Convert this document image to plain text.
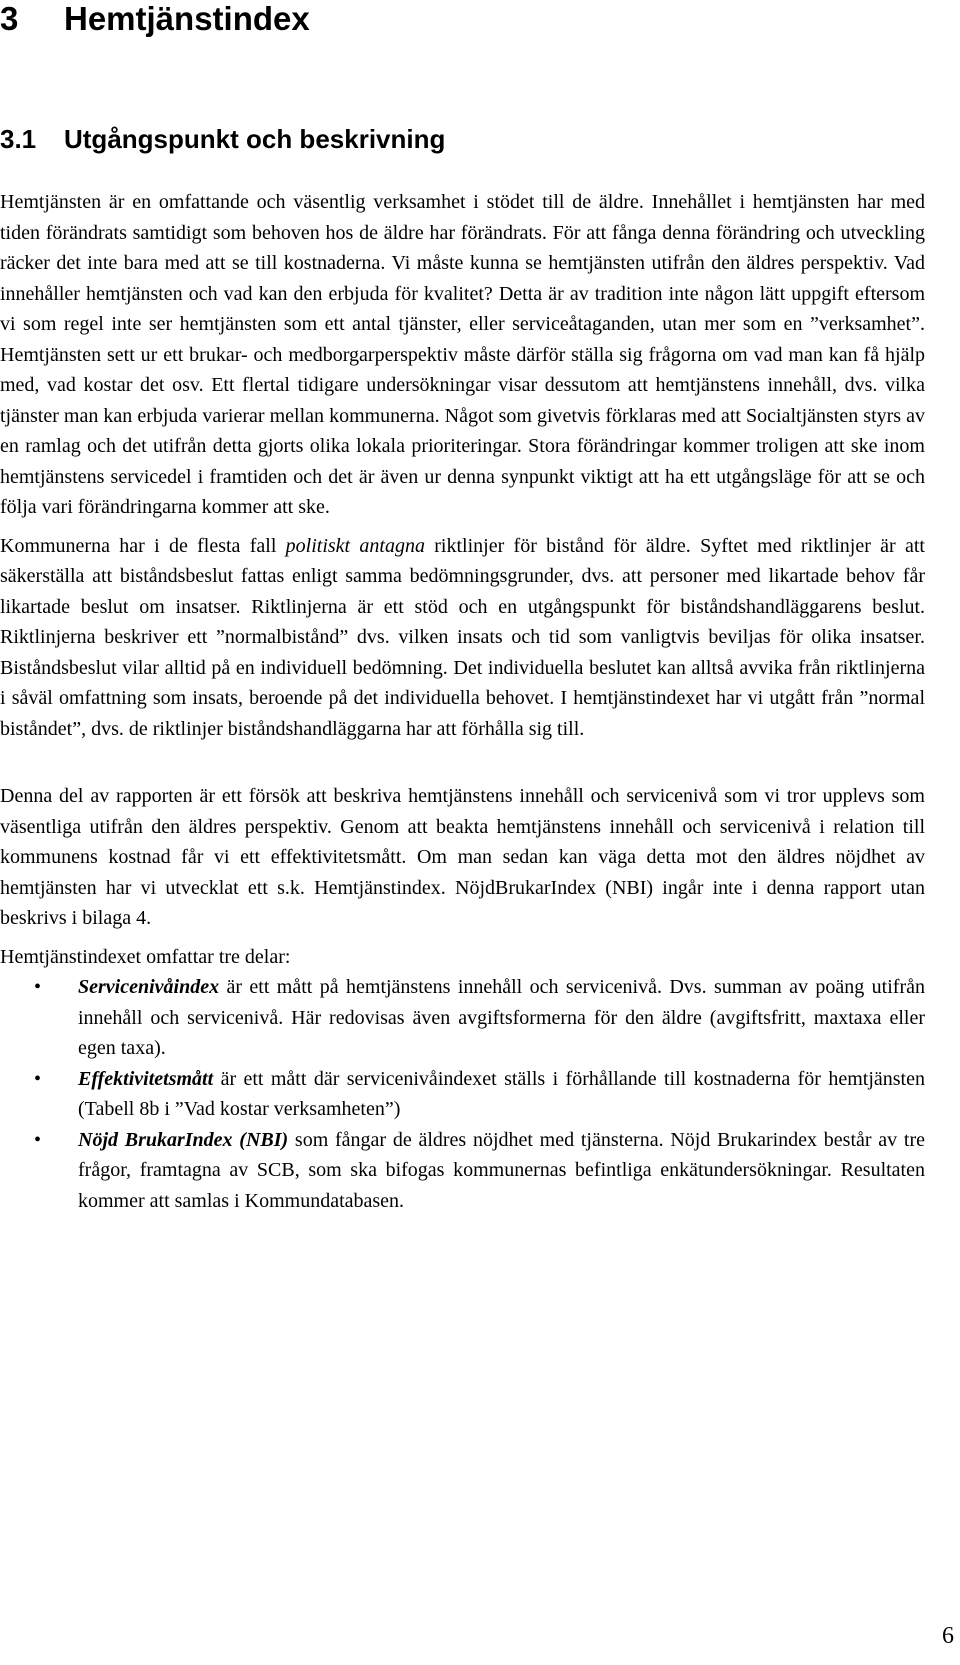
3 Hemtjänstindex
3.1 Utgångspunkt och beskrivning

Hemtjänsten är en omfattande och väsentlig verksamhet i stödet till de äldre. Innehållet i hemtjänsten har med tiden förändrats samtidigt som behoven hos de äldre har förändrats. För att fånga denna förändring och utveckling räcker det inte bara med att se till kostnaderna. Vi måste kunna se hemtjänsten utifrån den äldres perspektiv. Vad innehåller hemtjänsten och vad kan den erbjuda för kvalitet? Detta är av tradition inte någon lätt uppgift eftersom vi som regel inte ser hemtjänsten som ett antal tjänster, eller serviceåtaganden, utan mer som en ”verksamhet”. Hemtjänsten sett ur ett brukar- och medborgarperspektiv måste därför ställa sig frågorna om vad man kan få hjälp med, vad kostar det osv. Ett flertal tidigare undersökningar visar dessutom att hemtjänstens innehåll, dvs. vilka tjänster man kan erbjuda varierar mellan kommunerna. Något som givetvis förklaras med att Socialtjänsten styrs av en ramlag och det utifrån detta gjorts olika lokala prioriteringar. Stora förändringar kommer troligen att ske inom hemtjänstens servicedel i framtiden och det är även ur denna synpunkt viktigt att ha ett utgångsläge för att se och följa vari förändringarna kommer att ske.

Kommunerna har i de flesta fall politiskt antagna riktlinjer för bistånd för äldre. Syftet med riktlinjer är att säkerställa att biståndsbeslut fattas enligt samma bedömningsgrunder, dvs. att personer med likartade behov får likartade beslut om insatser. Riktlinjerna är ett stöd och en utgångspunkt för biståndshandläggarens beslut. Riktlinjerna beskriver ett ”normalbistånd” dvs. vilken insats och tid som vanligtvis beviljas för olika insatser. Biståndsbeslut vilar alltid på en individuell bedömning. Det individuella beslutet kan alltså avvika från riktlinjerna i såväl omfattning som insats, beroende på det individuella behovet. I hemtjänstindexet har vi utgått från ”normal biståndet”, dvs. de riktlinjer biståndshandläggarna har att förhålla sig till.

Denna del av rapporten är ett försök att beskriva hemtjänstens innehåll och servicenivå som vi tror upplevs som väsentliga utifrån den äldres perspektiv. Genom att beakta hemtjänstens innehåll och servicenivå i relation till kommunens kostnad får vi ett effektivitetsmått. Om man sedan kan väga detta mot den äldres nöjdhet av hemtjänsten har vi utvecklat ett s.k. Hemtjänstindex. NöjdBrukarIndex (NBI) ingår inte i denna rapport utan beskrivs i bilaga 4.

Hemtjänstindexet omfattar tre delar:

• Servicenivåindex är ett mått på hemtjänstens innehåll och servicenivå. Dvs. summan av poäng utifrån innehåll och servicenivå. Här redovisas även avgiftsformerna för den äldre (avgiftsfritt, maxtaxa eller egen taxa).
• Effektivitetsmått är ett mått där servicenivåindexet ställs i förhållande till kostnaderna för hemtjänsten (Tabell 8b i ”Vad kostar verksamheten”)
• Nöjd BrukarIndex (NBI) som fångar de äldres nöjdhet med tjänsterna. Nöjd Brukarindex består av tre frågor, framtagna av SCB, som ska bifogas kommunernas befintliga enkätundersökningar. Resultaten kommer att samlas i Kommundatabasen.
6
